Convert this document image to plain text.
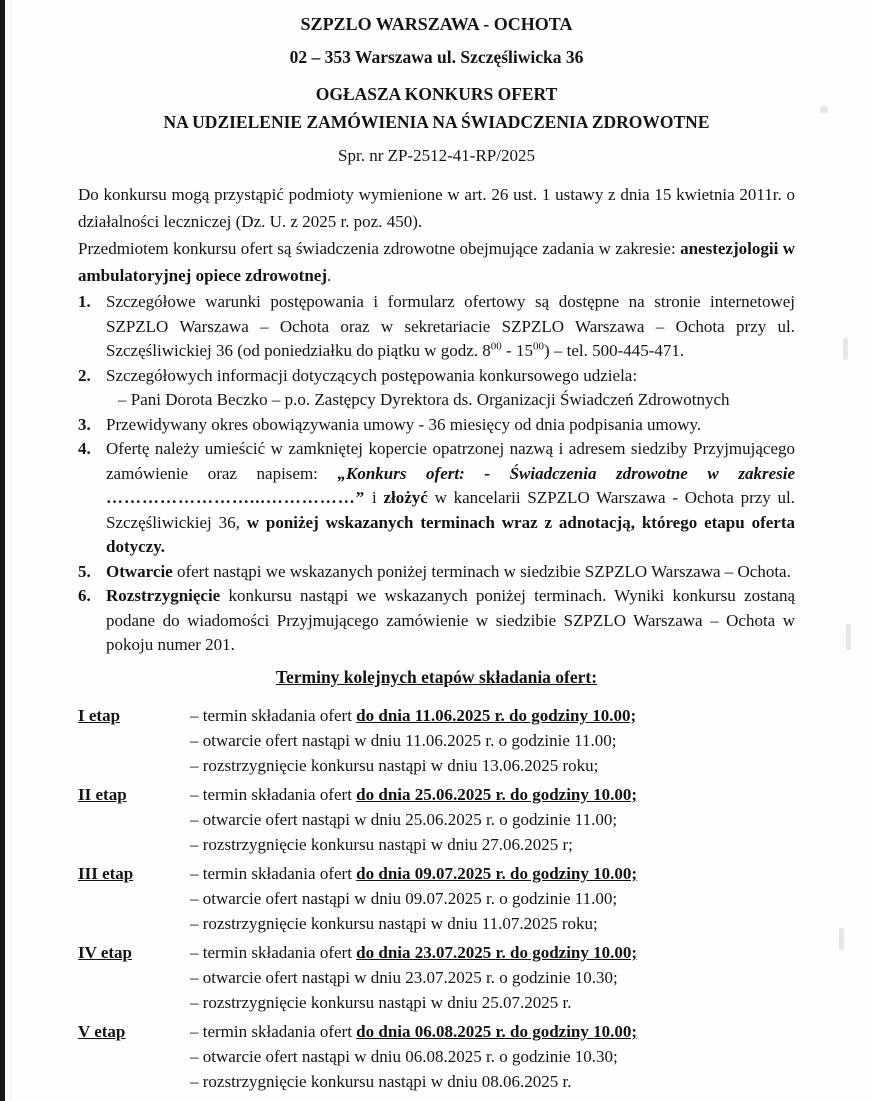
SZPZLO WARSZAWA - OCHOTA
02 – 353 Warszawa ul. Szczęśliwicka 36
OGŁASZA KONKURS OFERT
NA UDZIELENIE ZAMÓWIENIA NA ŚWIADCZENIA ZDROWOTNE
Spr. nr ZP-2512-41-RP/2025

Do konkursu mogą przystąpić podmioty wymienione w art. 26 ust. 1 ustawy z dnia 15 kwietnia 2011r. o działalności leczniczej (Dz. U. z 2025 r. poz. 450).

Przedmiotem konkursu ofert są świadczenia zdrowotne obejmujące zadania w zakresie: anestezjologii w ambulatoryjnej opiece zdrowotnej.

1. Szczegółowe warunki postępowania i formularz ofertowy są dostępne na stronie internetowej SZPZLO Warszawa – Ochota oraz w sekretariacie SZPZLO Warszawa – Ochota przy ul. Szczęśliwickiej 36 (od poniedziałku do piątku w godz. $8^{00} - 15^{00}$) – tel. 500-445-471.
2. Szczegółowych informacji dotyczących postępowania konkursowego udziela:
– Pani Dorota Beczko – p.o. Zastępcy Dyrektora ds. Organizacji Świadczeń Zdrowotnych
3. Przewidywany okres obowiązywania umowy - 36 miesięcy od dnia podpisania umowy.
4. Ofertę należy umieścić w zamkniętej kopercie opatrzonej nazwą i adresem siedziby Przyjmującego zamówienie oraz napisem: „Konkurs ofert: - Świadczenia zdrowotne w zakresie ……………………...……………” i złożyć w kancelarii SZPZLO Warszawa - Ochota przy ul. Szczęśliwickiej 36, w poniżej wskazanych terminach wraz z adnotacją, którego etapu oferta dotyczy.
5. Otwarcie ofert nastąpi we wskazanych poniżej terminach w siedzibie SZPZLO Warszawa – Ochota.
6. Rozstrzygnięcie konkursu nastąpi we wskazanych poniżej terminach. Wyniki konkursu zostaną podane do wiadomości Przyjmującego zamówienie w siedzibie SZPZLO Warszawa – Ochota w pokoju numer 201.
Terminy kolejnych etapów składania ofert:
I etap	– termin składania ofert do dnia 11.06.2025 r. do godziny 10.00;
– otwarcie ofert nastąpi w dniu 11.06.2025 r. o godzinie 11.00;
– rozstrzygnięcie konkursu nastąpi w dniu 13.06.2025 roku;
II etap	– termin składania ofert do dnia 25.06.2025 r. do godziny 10.00;
– otwarcie ofert nastąpi w dniu 25.06.2025 r. o godzinie 11.00;
– rozstrzygnięcie konkursu nastąpi w dniu 27.06.2025 r;
III etap	– termin składania ofert do dnia 09.07.2025 r. do godziny 10.00;
– otwarcie ofert nastąpi w dniu 09.07.2025 r. o godzinie 11.00;
– rozstrzygnięcie konkursu nastąpi w dniu 11.07.2025 roku;
IV etap	– termin składania ofert do dnia 23.07.2025 r. do godziny 10.00;
– otwarcie ofert nastąpi w dniu 23.07.2025 r. o godzinie 10.30;
– rozstrzygnięcie konkursu nastąpi w dniu 25.07.2025 r.
V etap	– termin składania ofert do dnia 06.08.2025 r. do godziny 10.00;
– otwarcie ofert nastąpi w dniu 06.08.2025 r. o godzinie 10.30;
– rozstrzygnięcie konkursu nastąpi w dniu 08.06.2025 r.
